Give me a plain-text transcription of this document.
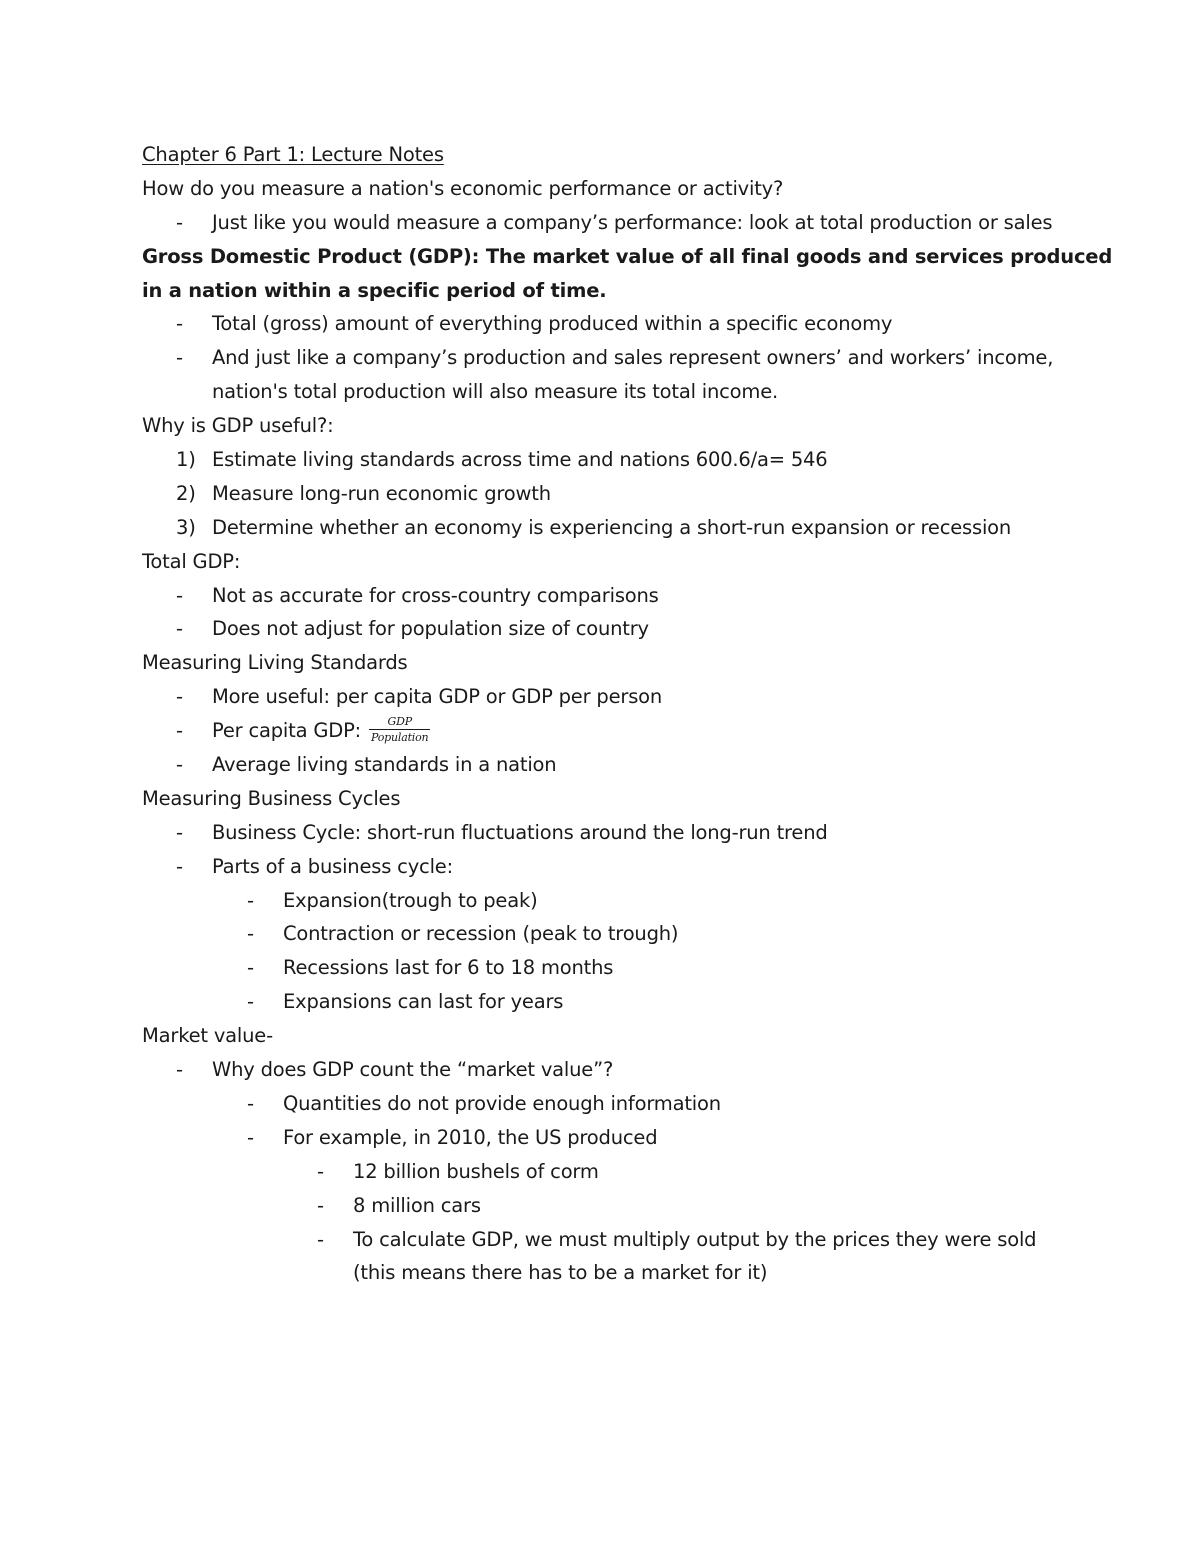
Chapter 6 Part 1: Lecture Notes
How do you measure a nation's economic performance or activity?
- Just like you would measure a company’s performance: look at total production or sales
Gross Domestic Product (GDP): The market value of all final goods and services produced
in a nation within a specific period of time.
- Total (gross) amount of everything produced within a specific economy
- And just like a company’s production and sales represent owners’ and workers’ income,
nation's total production will also measure its total income.
Why is GDP useful?:
1) Estimate living standards across time and nations 600.6/a= 546
2) Measure long-run economic growth
3) Determine whether an economy is experiencing a short-run expansion or recession
Total GDP:
- Not as accurate for cross-country comparisons
- Does not adjust for population size of country
Measuring Living Standards
- More useful: per capita GDP or GDP per person
- Per capita GDP: $\frac{\text{GDP}}{\text{Population}}$
- Average living standards in a nation
Measuring Business Cycles
- Business Cycle: short-run fluctuations around the long-run trend
- Parts of a business cycle:
- Expansion(trough to peak)
- Contraction or recession (peak to trough)
- Recessions last for 6 to 18 months
- Expansions can last for years
Market value-
- Why does GDP count the “market value”?
- Quantities do not provide enough information
- For example, in 2010, the US produced
- 12 billion bushels of corm
- 8 million cars
- To calculate GDP, we must multiply output by the prices they were sold
(this means there has to be a market for it)
